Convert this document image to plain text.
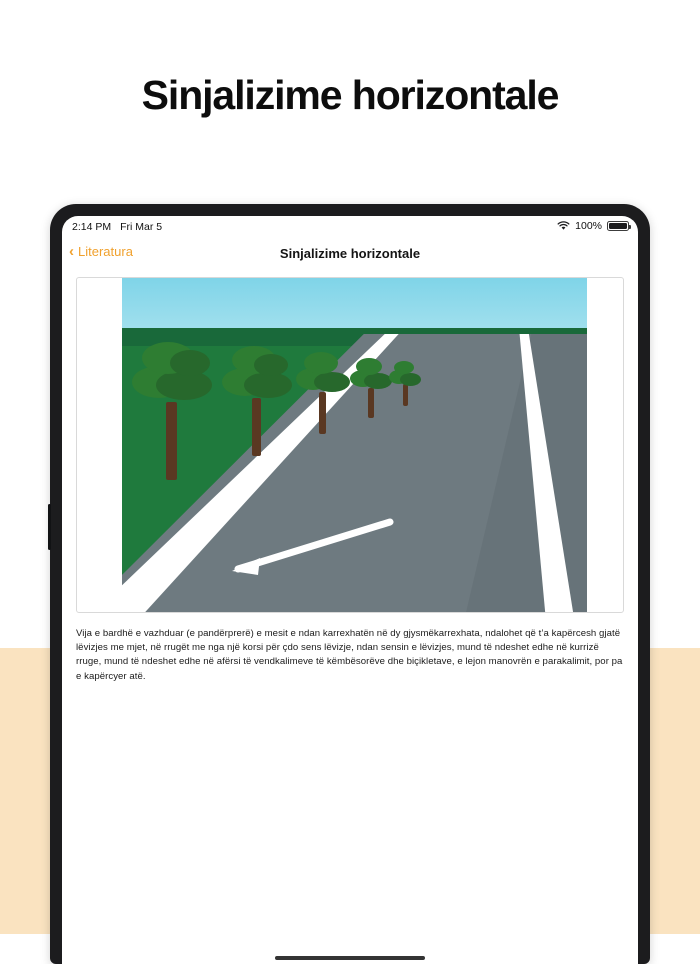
Sinjalizime horizontale
2:14 PM Fri Mar 5	100%
‹ Literatura	Sinjalizime horizontale
Vija e bardhë e vazhduar (e pandërprerë) e mesit e ndan karrexhatën në dy gjysmëkarrexhata, ndalohet që t’a kapërcesh gjatë lëvizjes me mjet, në rrugët me nga një korsi për çdo sens lëvizje, ndan sensin e lëvizjes, mund të ndeshet edhe në kurrizë rruge, mund të ndeshet edhe në afërsi të vendkalimeve të këmbësorëve dhe biçikletave, e lejon manovrën e parakalimit, por pa e kapërcyer atë.
